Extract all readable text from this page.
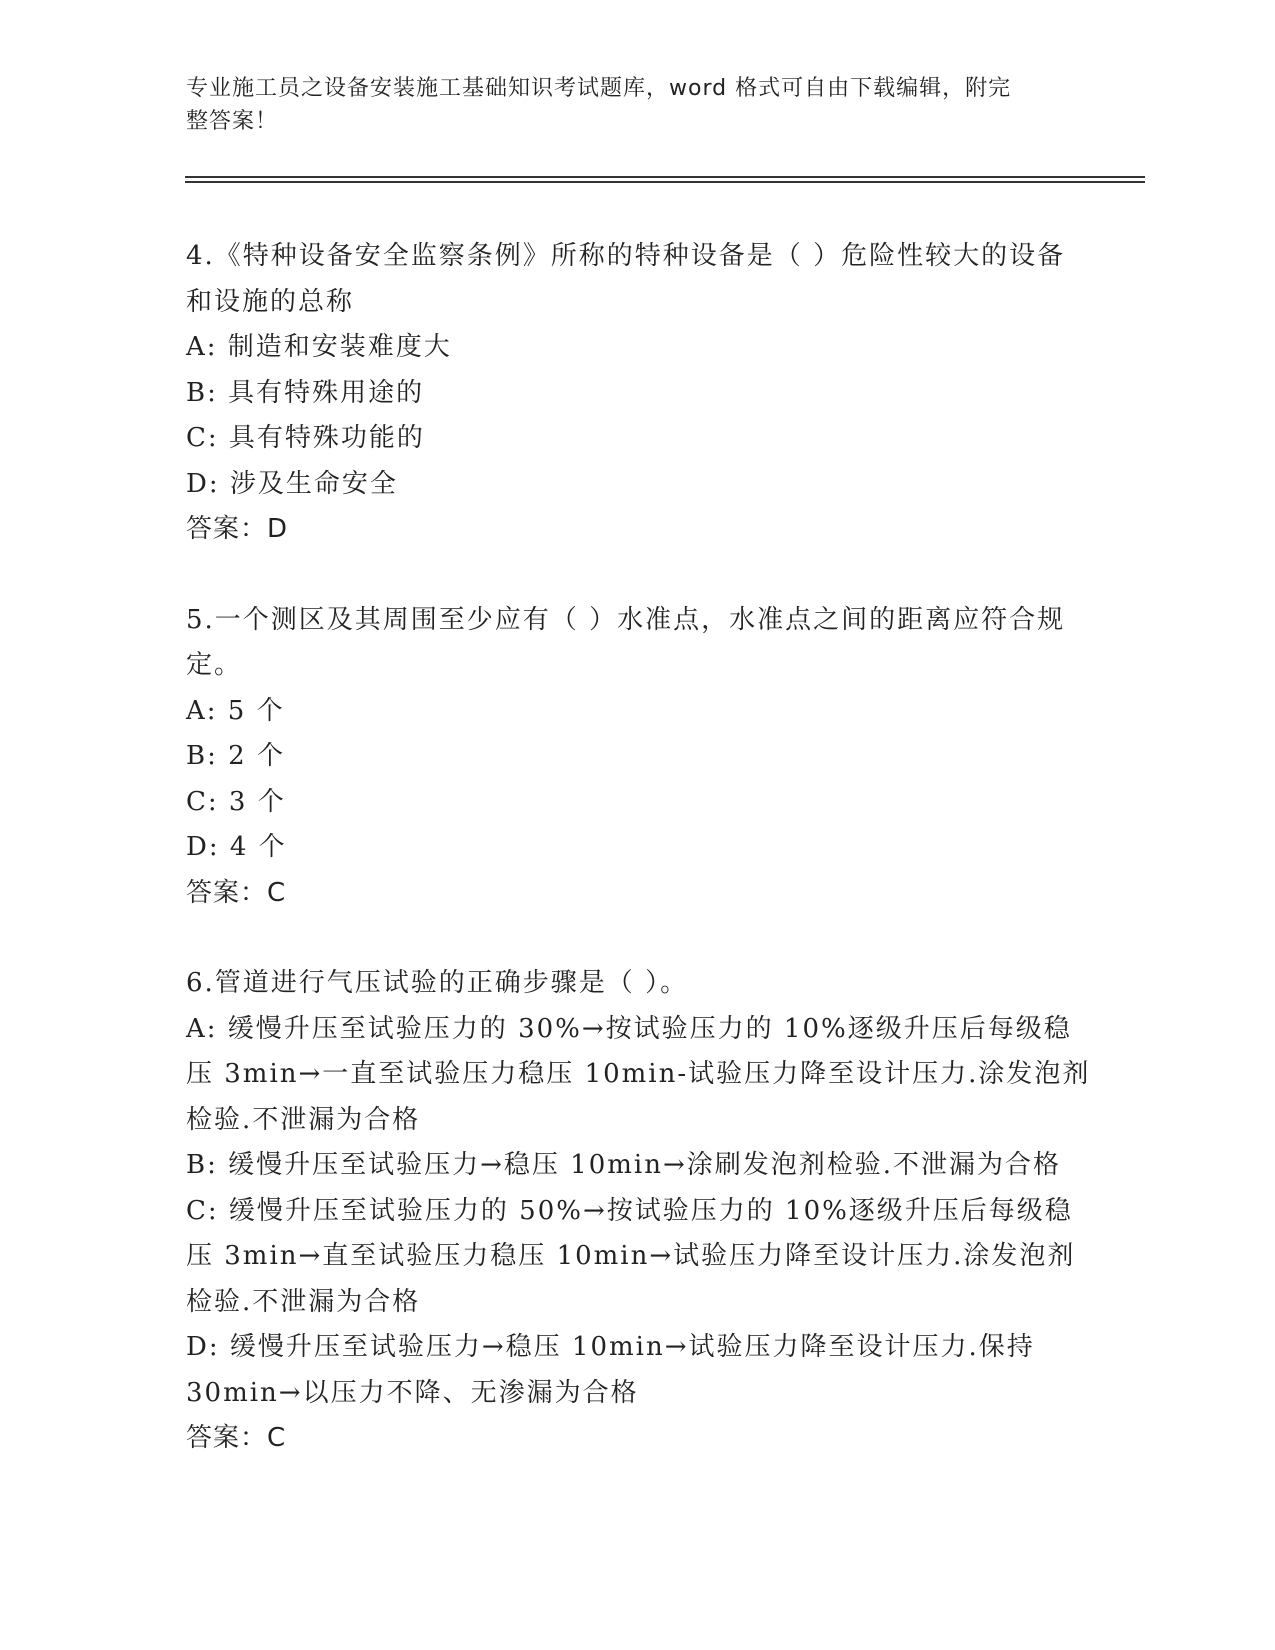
专业施工员之设备安装施工基础知识考试题库，word 格式可自由下载编辑，附完
整答案！

4.《特种设备安全监察条例》所称的特种设备是（ ）危险性较大的设备和设施的总称

A: 制造和安装难度大

B: 具有特殊用途的

C: 具有特殊功能的

D: 涉及生命安全

答案：D

5.一个测区及其周围至少应有（ ）水准点，水准点之间的距离应符合规定。

A: 5 个

B: 2 个

C: 3 个

D: 4 个

答案：C

6.管道进行气压试验的正确步骤是（ ）。

A: 缓慢升压至试验压力的 30%→按试验压力的 10%逐级升压后每级稳压 3min→一直至试验压力稳压 10min-试验压力降至设计压力.涂发泡剂检验.不泄漏为合格

B: 缓慢升压至试验压力→稳压 10min→涂刷发泡剂检验.不泄漏为合格

C: 缓慢升压至试验压力的 50%→按试验压力的 10%逐级升压后每级稳压 3min→直至试验压力稳压 10min→试验压力降至设计压力.涂发泡剂检验.不泄漏为合格

D: 缓慢升压至试验压力→稳压 10min→试验压力降至设计压力.保持 30min→以压力不降、无渗漏为合格

答案：C
